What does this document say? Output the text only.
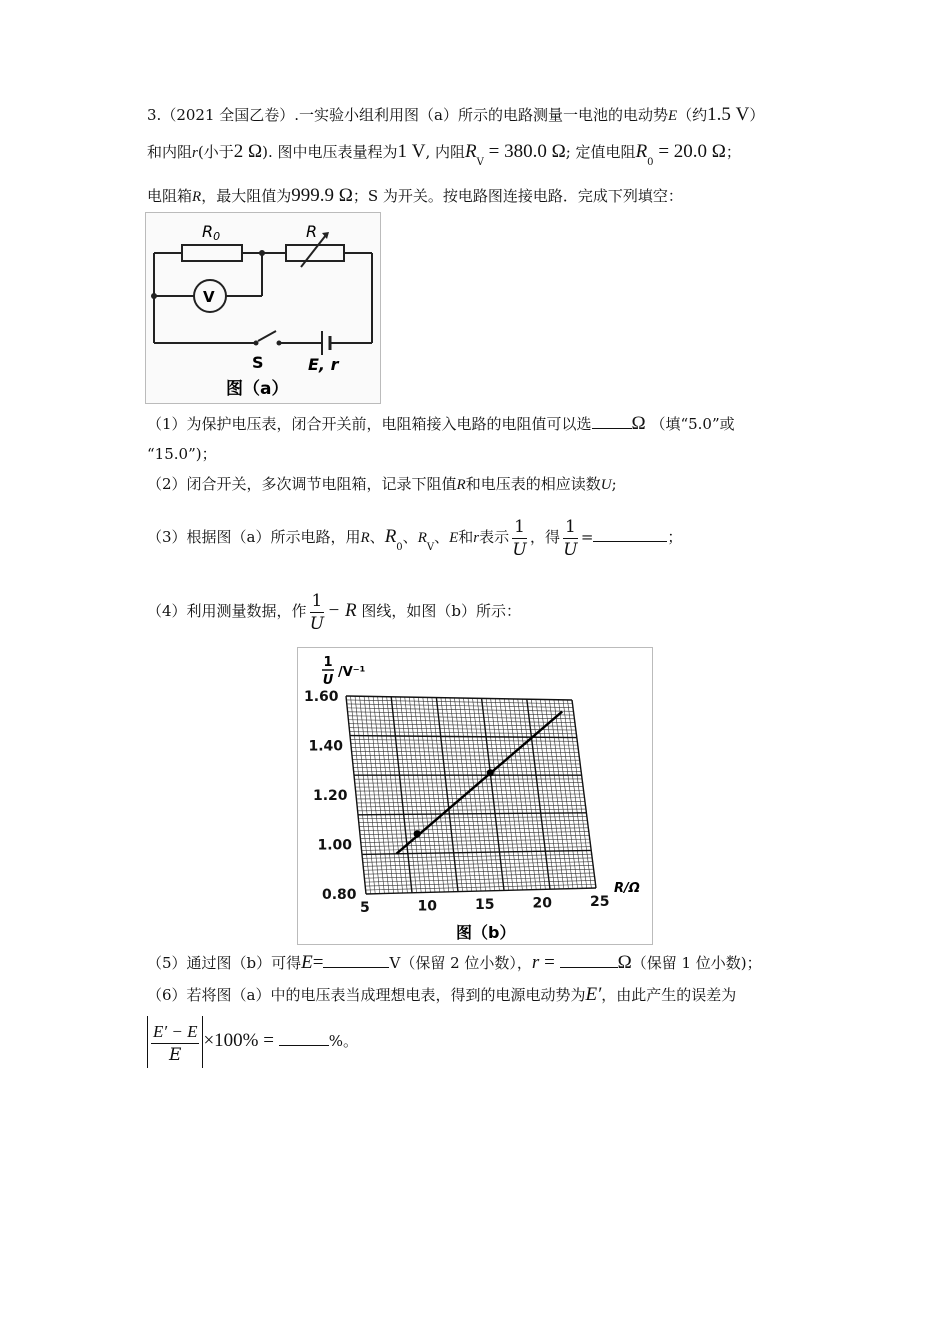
3.（2021 全国乙卷）.一实验小组利用图（a）所示的电路测量一电池的电动势E（约1.5 V）
和内阻r(小于2 Ω). 图中电压表量程为1 V, 内阻$R_V = 380.0$ Ω; 定值电阻$R_0 = 20.0$ Ω；
电阻箱R，最大阻值为999.9 Ω；S 为开关。按电路图连接电路．完成下列填空：
R0	R
V
S	E, r
图（a）
（1）为保护电压表，闭合开关前，电阻箱接入电路的电阻值可以选 Ω （填“5.0”或
“15.0”)；
（2）闭合开关，多次调节电阻箱，记录下阻值R和电压表的相应读数U;
（3）根据图（a）所示电路，用R、$R_0$、$R_V$、E和r表示 $\frac{1}{U}$ ，得 $\frac{1}{U}$ =	；
（4）利用测量数据，作 $\frac{1}{U} - R$ 图线，如图（b）所示：
5	10	15	20	25
0.80
1.00
1.20
1.40
1.60
1
U
/V⁻¹
R/Ω
图（b）
（5）通过图（b）可得E=	V（保留 2 位小数），r =	Ω（保留 1 位小数)；
（6）若将图（a）中的电压表当成理想电表，得到的电源电动势为E′，由此产生的误差为
$\frac{E' - E}{E} \times 100\%$ =	%。
